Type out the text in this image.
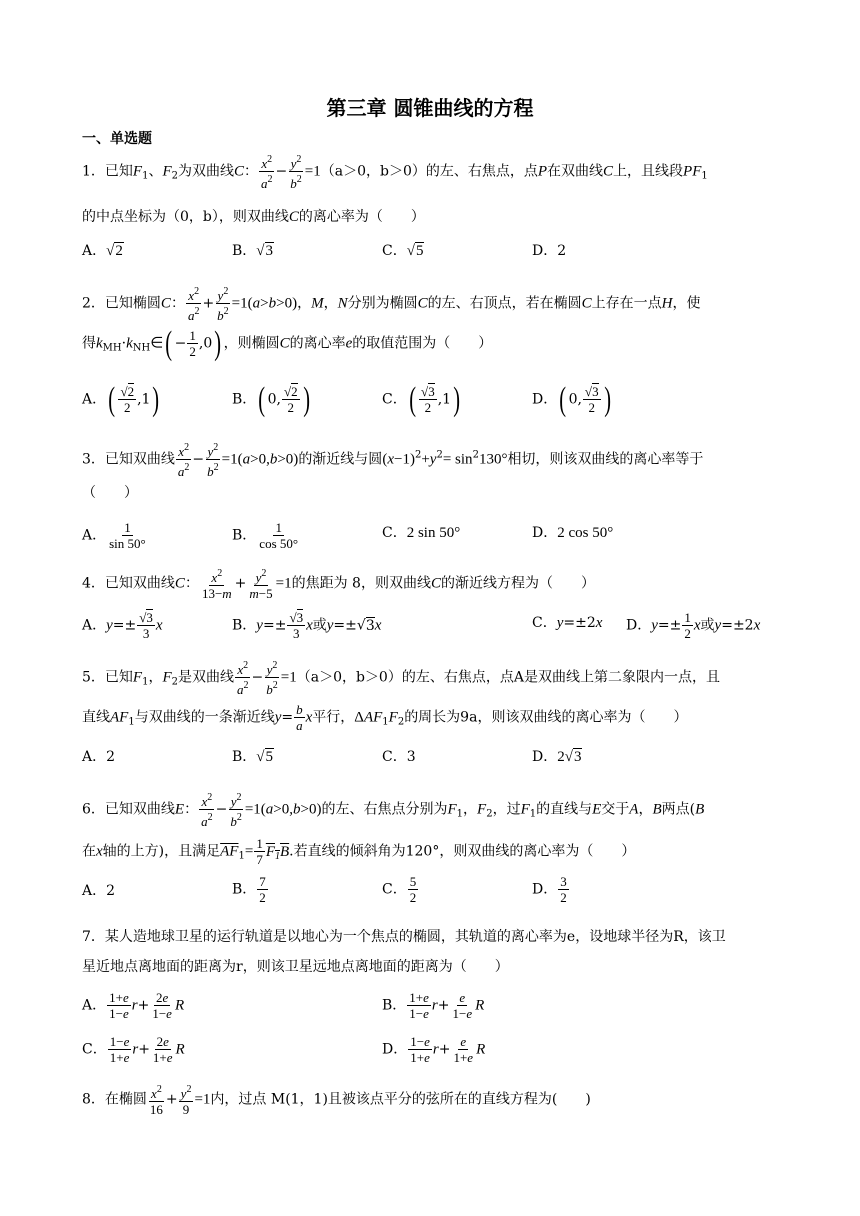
第三章 圆锥曲线的方程
一、单选题
1．已知$F_1$、$F_2$为双曲线C： $\frac{x^2}{a^2} - \frac{y^2}{b^2} =1(a>0$，b＞0）的左、右焦点，点P在双曲线C上，且线段$PF_1$
的中点坐标为（0，b），则双曲线C的离心率为（　　）
A．√2	B．√3	C．√5	D．2
2．已知椭圆C： $\frac{x^2}{a^2} + \frac{y^2}{b^2} =1(a>b>0)$，M，N分别为椭圆C的左、右顶点，若在椭圆C上存在一点H，使
得$k_{MH}\cdot k_{NH}\in( - \frac{1}{2} ,0)$ ，则椭圆C的离心率e的取值范围为（　　）
A．( $\frac{√2}{2} ,1$)	B．( 0, $\frac{√2}{2}$ )	C．( $\frac{√3}{2} ,1$)	D．( 0, $\frac{√3}{2}$ )
3．已知双曲线 $\frac{x^2}{a^2} - \frac{y^2}{b^2} =1(a>0,b>0)$的渐近线与圆$(x-1)^2+y^2= \sin^2130^\circ$相切，则该双曲线的离心率等于
（　　）
A． $\frac{1}{\sin 50^\circ}$	B． $\frac{1}{\cos 50^\circ}$	C．2 sin 50°	D．2 cos 50°
4．已知双曲线C： $\frac{x^2}{13-m} + \frac{y^2}{m-5} =1$的焦距为 8，则双曲线C的渐近线方程为（　　）
A．$y=\pm \frac{√3}{3}$ x	B．$y=\pm \frac{√3}{3}$ x或y=±√3x	C．y=±2x D．$y=\pm \frac{1}{2}$ x或y=±2x
5．已知$F_1$，$F_2$是双曲线 $\frac{x^2}{a^2} - \frac{y^2}{b^2} =1(a>0$，b＞0）的左、右焦点，点A是双曲线上第二象限内一点，且
直线$AF_1$与双曲线的一条渐近线$y= \frac{b}{a}$ x平行，$\Delta AF_1F_2$的周长为9a，则该双曲线的离心率为（　　）
A．2	B．√5	C．3	D．2√3
6．已知双曲线E： $\frac{x^2}{a^2} - \frac{y^2}{b^2} =1(a>0,b>0)$的左、右焦点分别为$F_1$，$F_2$，过$F_1$的直线与E交于A，B两点(B
在x轴的上方)，且满足$\overline{AF}_1= \frac{1}{7} F_1B$.若直线的倾斜角为120°，则双曲线的离心率为（　　）
A．2	B． $\frac{7}{2}$	C． $\frac{5}{2}$	D． $\frac{3}{2}$
7．某人造地球卫星的运行轨道是以地心为一个焦点的椭圆，其轨道的离心率为e，设地球半径为R，该卫
星近地点离地面的距离为r，则该卫星远地点离地面的距离为（　　）
A． $\frac{1+e}{1-e} r+ \frac{2e}{1-e}$ R	B． $\frac{1+e}{1-e} r+ \frac{e}{1-e}$ R
C． $\frac{1-e}{1+e} r+ \frac{2e}{1+e}$ R	D． $\frac{1-e}{1+e} r+ \frac{e}{1+e}$ R
8．在椭圆 $\frac{x^2}{16} + \frac{y^2}{9} =1$内，过点 M(1，1)且被该点平分的弦所在的直线方程为(　　)
